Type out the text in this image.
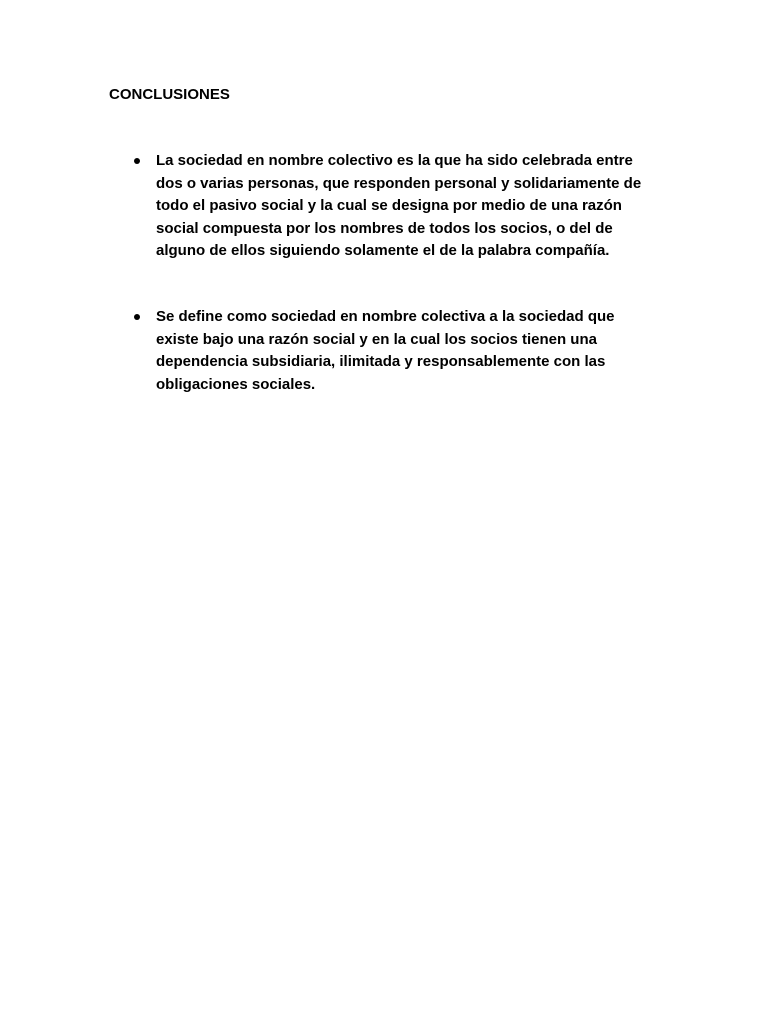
CONCLUSIONES
La sociedad en nombre colectivo es la que ha sido celebrada entre
dos o varias personas, que responden personal y solidariamente de
todo el pasivo social y la cual se designa por medio de una razón
social compuesta por los nombres de todos los socios, o del de
alguno de ellos siguiendo solamente el de la palabra compañía.
Se define como sociedad en nombre colectiva a la sociedad que
existe bajo una razón social y en la cual los socios tienen una
dependencia subsidiaria, ilimitada y responsablemente con las
obligaciones sociales.
